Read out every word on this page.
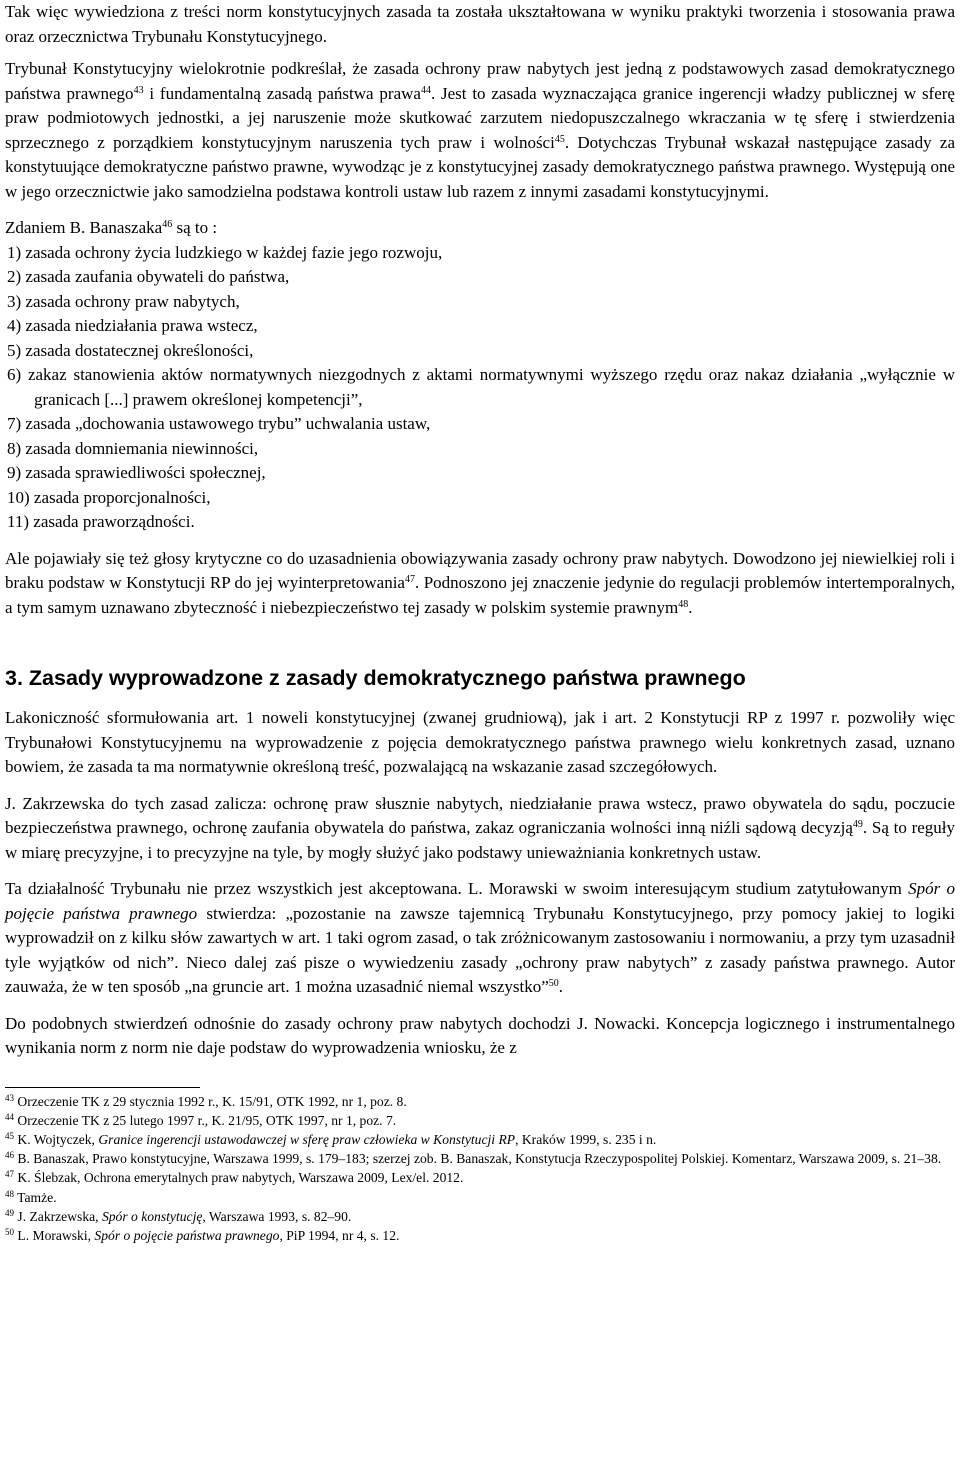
Tak więc wywiedziona z treści norm konstytucyjnych zasada ta została ukształtowana w wyniku praktyki tworzenia i stosowania prawa oraz orzecznictwa Trybunału Konstytucyjnego.

Trybunał Konstytucyjny wielokrotnie podkreślał, że zasada ochrony praw nabytych jest jedną z podstawowych zasad demokratycznego państwa prawnego$^{43}$ i fundamentalną zasadą państwa prawa$^{44}$. Jest to zasada wyznaczająca granice ingerencji władzy publicznej w sferę praw podmiotowych jednostki, a jej naruszenie może skutkować zarzutem niedopuszczalnego wkraczania w tę sferę i stwierdzenia sprzecznego z porządkiem konstytucyjnym naruszenia tych praw i wolności$^{45}$. Dotychczas Trybunał wskazał następujące zasady za konstytuujące demokratyczne państwo prawne, wywodząc je z konstytucyjnej zasady demokratycznego państwa prawnego. Występują one w jego orzecznictwie jako samodzielna podstawa kontroli ustaw lub razem z innymi zasadami konstytucyjnymi.

Zdaniem B. Banaszaka$^{46}$ są to :

1) zasada ochrony życia ludzkiego w każdej fazie jego rozwoju,
2) zasada zaufania obywateli do państwa,
3) zasada ochrony praw nabytych,
4) zasada niedziałania prawa wstecz,
5) zasada dostatecznej określoności,
6) zakaz stanowienia aktów normatywnych niezgodnych z aktami normatywnymi wyższego rzędu oraz nakaz działania „wyłącznie w granicach [...] prawem określonej kompetencji”,
7) zasada „dochowania ustawowego trybu” uchwalania ustaw,
8) zasada domniemania niewinności,
9) zasada sprawiedliwości społecznej,
10) zasada proporcjonalności,
11) zasada praworządności.

Ale pojawiały się też głosy krytyczne co do uzasadnienia obowiązywania zasady ochrony praw nabytych. Dowodzono jej niewielkiej roli i braku podstaw w Konstytucji RP do jej wyinterpretowania$^{47}$. Podnoszono jej znaczenie jedynie do regulacji problemów intertemporalnych, a tym samym uznawano zbyteczność i niebezpieczeństwo tej zasady w polskim systemie prawnym$^{48}$.

3. Zasady wyprowadzone z zasady demokratycznego państwa prawnego

Lakoniczność sformułowania art. 1 noweli konstytucyjnej (zwanej grudniową), jak i art. 2 Konstytucji RP z 1997 r. pozwoliły więc Trybunałowi Konstytucyjnemu na wyprowadzenie z pojęcia demokratycznego państwa prawnego wielu konkretnych zasad, uznano bowiem, że zasada ta ma normatywnie określoną treść, pozwalającą na wskazanie zasad szczegółowych.

J. Zakrzewska do tych zasad zalicza: ochronę praw słusznie nabytych, niedziałanie prawa wstecz, prawo obywatela do sądu, poczucie bezpieczeństwa prawnego, ochronę zaufania obywatela do państwa, zakaz ograniczania wolności inną niźli sądową decyzją$^{49}$. Są to reguły w miarę precyzyjne, i to precyzyjne na tyle, by mogły służyć jako podstawy unieważniania konkretnych ustaw.

Ta działalność Trybunału nie przez wszystkich jest akceptowana. L. Morawski w swoim interesującym studium zatytułowanym Spór o pojęcie państwa prawnego stwierdza: „pozostanie na zawsze tajemnicą Trybunału Konstytucyjnego, przy pomocy jakiej to logiki wyprowadził on z kilku słów zawartych w art. 1 taki ogrom zasad, o tak zróżnicowanym zastosowaniu i normowaniu, a przy tym uzasadnił tyle wyjątków od nich”. Nieco dalej zaś pisze o wywiedzeniu zasady „ochrony praw nabytych” z zasady państwa prawnego. Autor zauważa, że w ten sposób „na gruncie art. 1 można uzasadnić niemal wszystko”$^{50}$.

Do podobnych stwierdzeń odnośnie do zasady ochrony praw nabytych dochodzi J. Nowacki. Koncepcja logicznego i instrumentalnego wynikania norm z norm nie daje podstaw do wyprowadzenia wniosku, że z

$^{43}$ Orzeczenie TK z 29 stycznia 1992 r., K. 15/91, OTK 1992, nr 1, poz. 8.

$^{44}$ Orzeczenie TK z 25 lutego 1997 r., K. 21/95, OTK 1997, nr 1, poz. 7.

$^{45}$ K. Wojtyczek, Granice ingerencji ustawodawczej w sferę praw człowieka w Konstytucji RP, Kraków 1999, s. 235 i n.

$^{46}$ B. Banaszak, Prawo konstytucyjne, Warszawa 1999, s. 179–183; szerzej zob. B. Banaszak, Konstytucja Rzeczypospolitej Polskiej. Komentarz, Warszawa 2009, s. 21–38.

$^{47}$ K. Ślebzak, Ochrona emerytalnych praw nabytych, Warszawa 2009, Lex/el. 2012.

$^{48}$ Tamże.

$^{49}$ J. Zakrzewska, Spór o konstytucję, Warszawa 1993, s. 82–90.

$^{50}$ L. Morawski, Spór o pojęcie państwa prawnego, PiP 1994, nr 4, s. 12.
